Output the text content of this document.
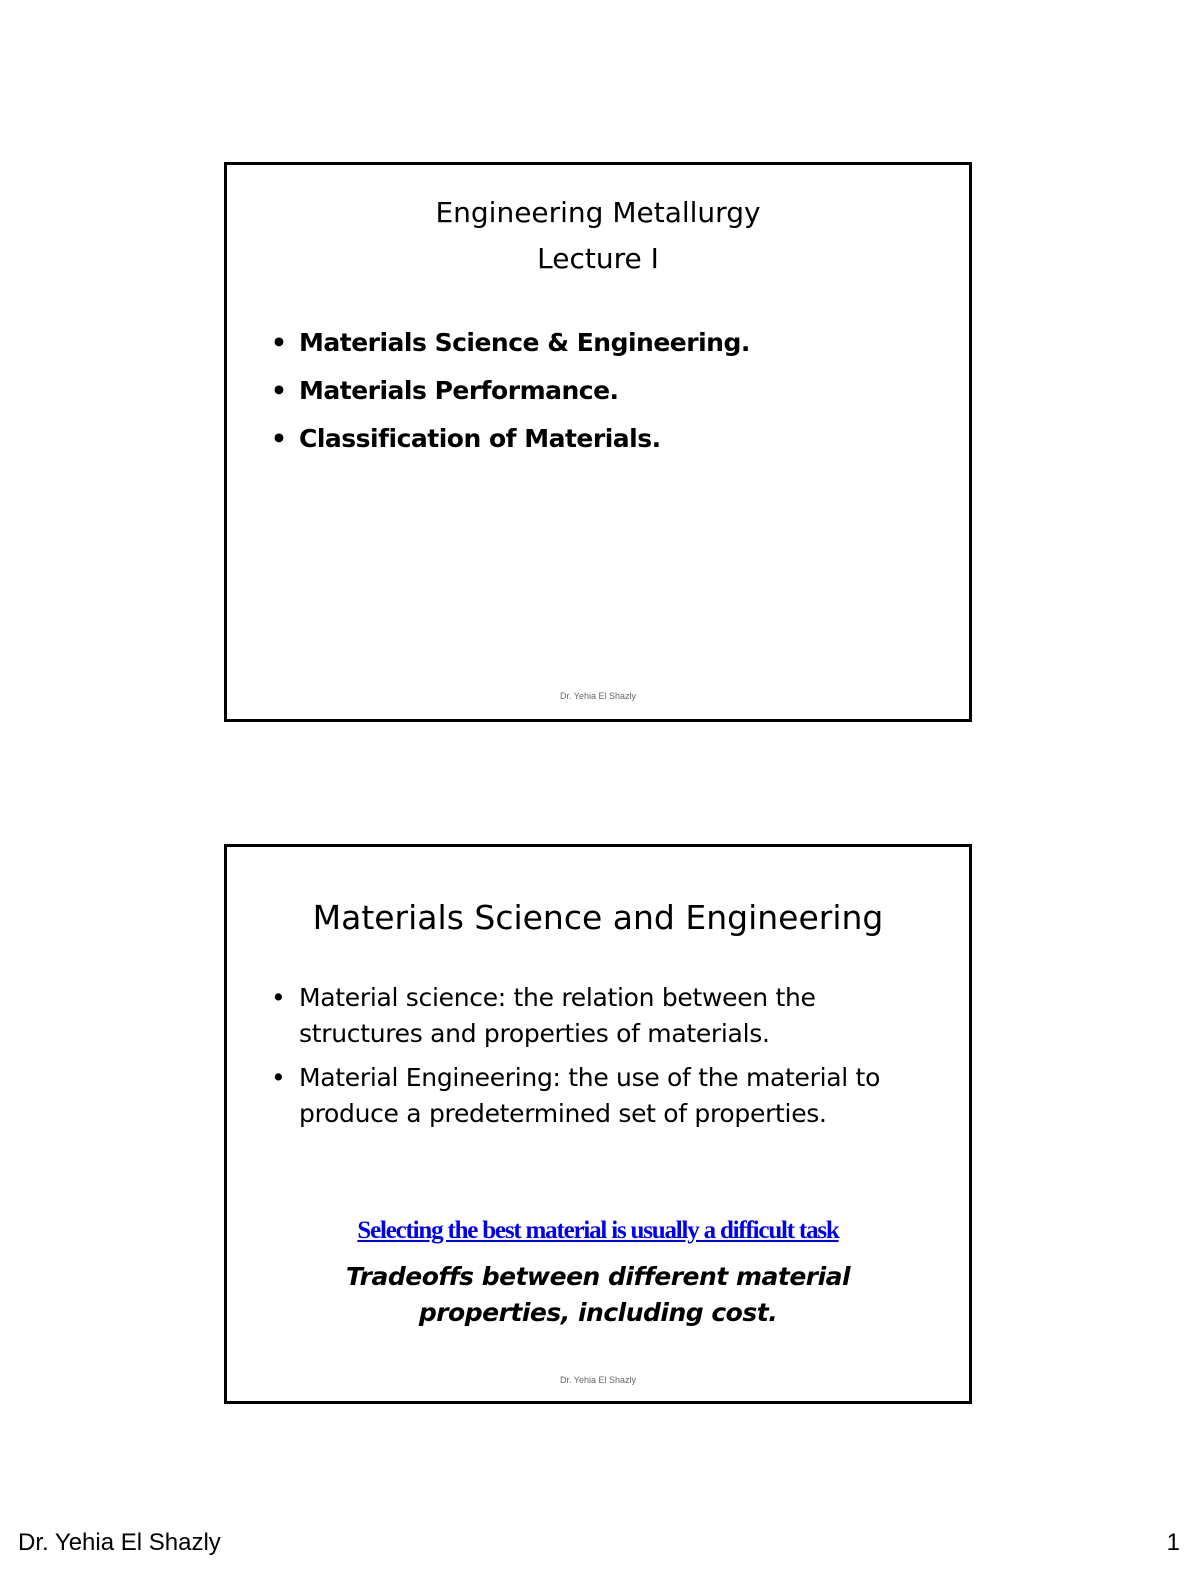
Engineering Metallurgy
Lecture I
• Materials Science & Engineering.
• Materials Performance.
• Classification of Materials.
Dr. Yehia El Shazly
Materials Science and Engineering
• Material science: the relation between the structures and properties of materials.
• Material Engineering: the use of the material to produce a predetermined set of properties.
Selecting the best material is usually a difficult task
Tradeoffs between different material
properties, including cost.
Dr. Yehia El Shazly
Dr. Yehia El Shazly	1
